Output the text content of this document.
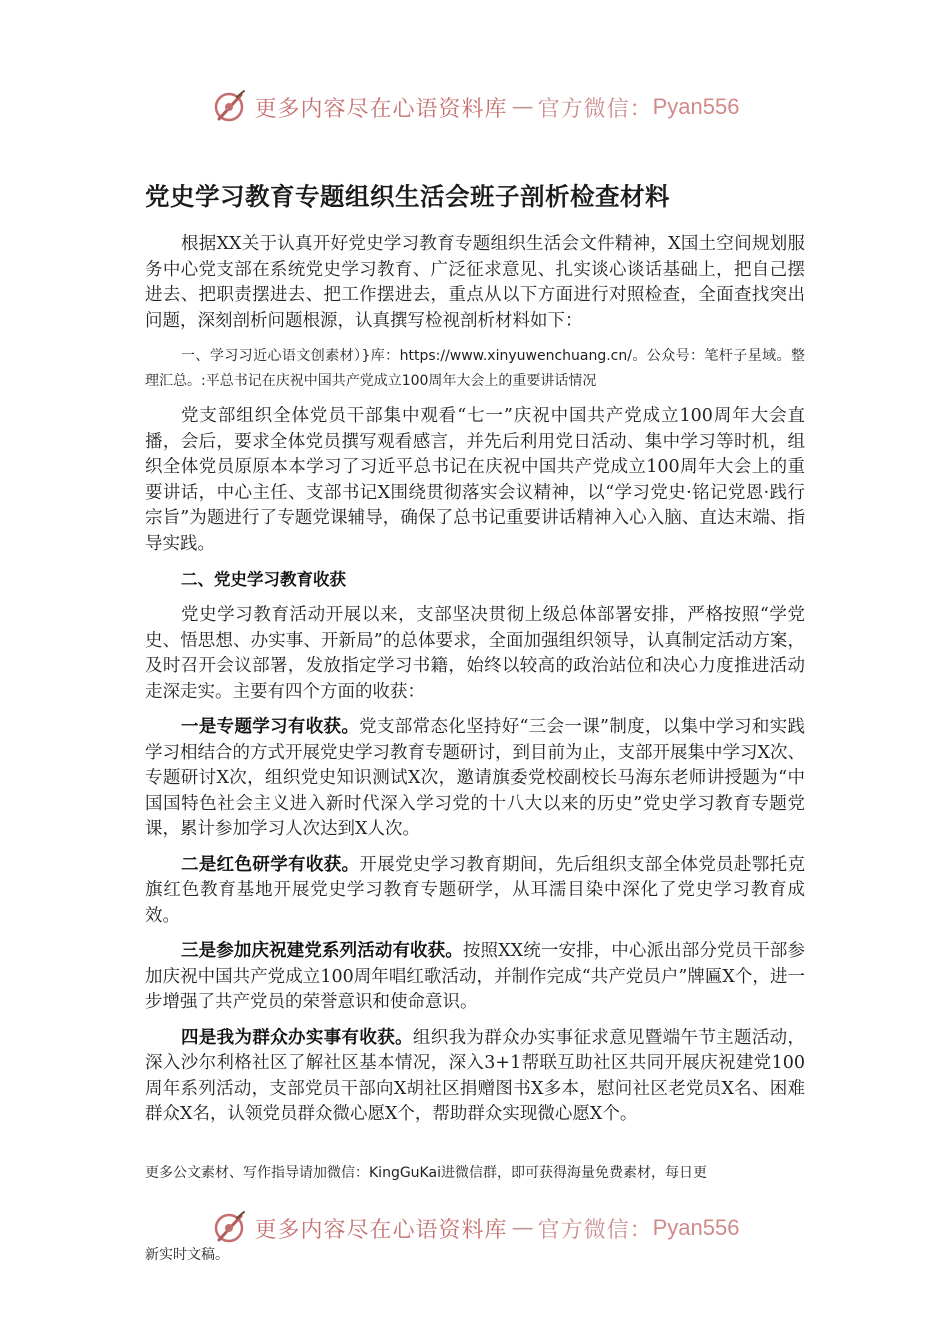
更多内容尽在心语资料库 — 官方微信： Pyan556
党史学习教育专题组织生活会班子剖析检查材料

根据XX关于认真开好党史学习教育专题组织生活会文件精神，X国土空间规划服务中心党支部在系统党史学习教育、广泛征求意见、扎实谈心谈话基础上，把自己摆进去、把职责摆进去、把工作摆进去，重点从以下方面进行对照检查，全面查找突出问题，深刻剖析问题根源，认真撰写检视剖析材料如下：

一、学习习近心语文创素材）}库：https://www.xinyuwenchuang.cn/。公众号：笔杆子星域。整理汇总。:平总书记在庆祝中国共产党成立100周年大会上的重要讲话情况

党支部组织全体党员干部集中观看“七一”庆祝中国共产党成立100周年大会直播，会后，要求全体党员撰写观看感言，并先后利用党日活动、集中学习等时机，组织全体党员原原本本学习了习近平总书记在庆祝中国共产党成立100周年大会上的重要讲话，中心主任、支部书记X围绕贯彻落实会议精神，以“学习党史·铭记党恩·践行宗旨”为题进行了专题党课辅导，确保了总书记重要讲话精神入心入脑、直达末端、指导实践。

二、党史学习教育收获

党史学习教育活动开展以来，支部坚决贯彻上级总体部署安排，严格按照“学党史、悟思想、办实事、开新局”的总体要求，全面加强组织领导，认真制定活动方案，及时召开会议部署，发放指定学习书籍，始终以较高的政治站位和决心力度推进活动走深走实。主要有四个方面的收获：

一是专题学习有收获。党支部常态化坚持好“三会一课”制度，以集中学习和实践学习相结合的方式开展党史学习教育专题研讨，到目前为止，支部开展集中学习X次、专题研讨X次，组织党史知识测试X次，邀请旗委党校副校长马海东老师讲授题为“中国国特色社会主义进入新时代深入学习党的十八大以来的历史”党史学习教育专题党课，累计参加学习人次达到X人次。

二是红色研学有收获。开展党史学习教育期间，先后组织支部全体党员赴鄂托克旗红色教育基地开展党史学习教育专题研学，从耳濡目染中深化了党史学习教育成效。

三是参加庆祝建党系列活动有收获。按照XX统一安排，中心派出部分党员干部参加庆祝中国共产党成立100周年唱红歌活动，并制作完成“共产党员户”牌匾X个，进一步增强了共产党员的荣誉意识和使命意识。

四是我为群众办实事有收获。组织我为群众办实事征求意见暨端午节主题活动，深入沙尔利格社区了解社区基本情况，深入3+1帮联互助社区共同开展庆祝建党100周年系列活动，支部党员干部向X胡社区捐赠图书X多本，慰问社区老党员X名、困难群众X名，认领党员群众微心愿X个，帮助群众实现微心愿X个。

更多公文素材、写作指导请加微信：KingGuKai进微信群，即可获得海量免费素材，每日更
更多内容尽在心语资料库 — 官方微信： Pyan556
新实时文稿。
